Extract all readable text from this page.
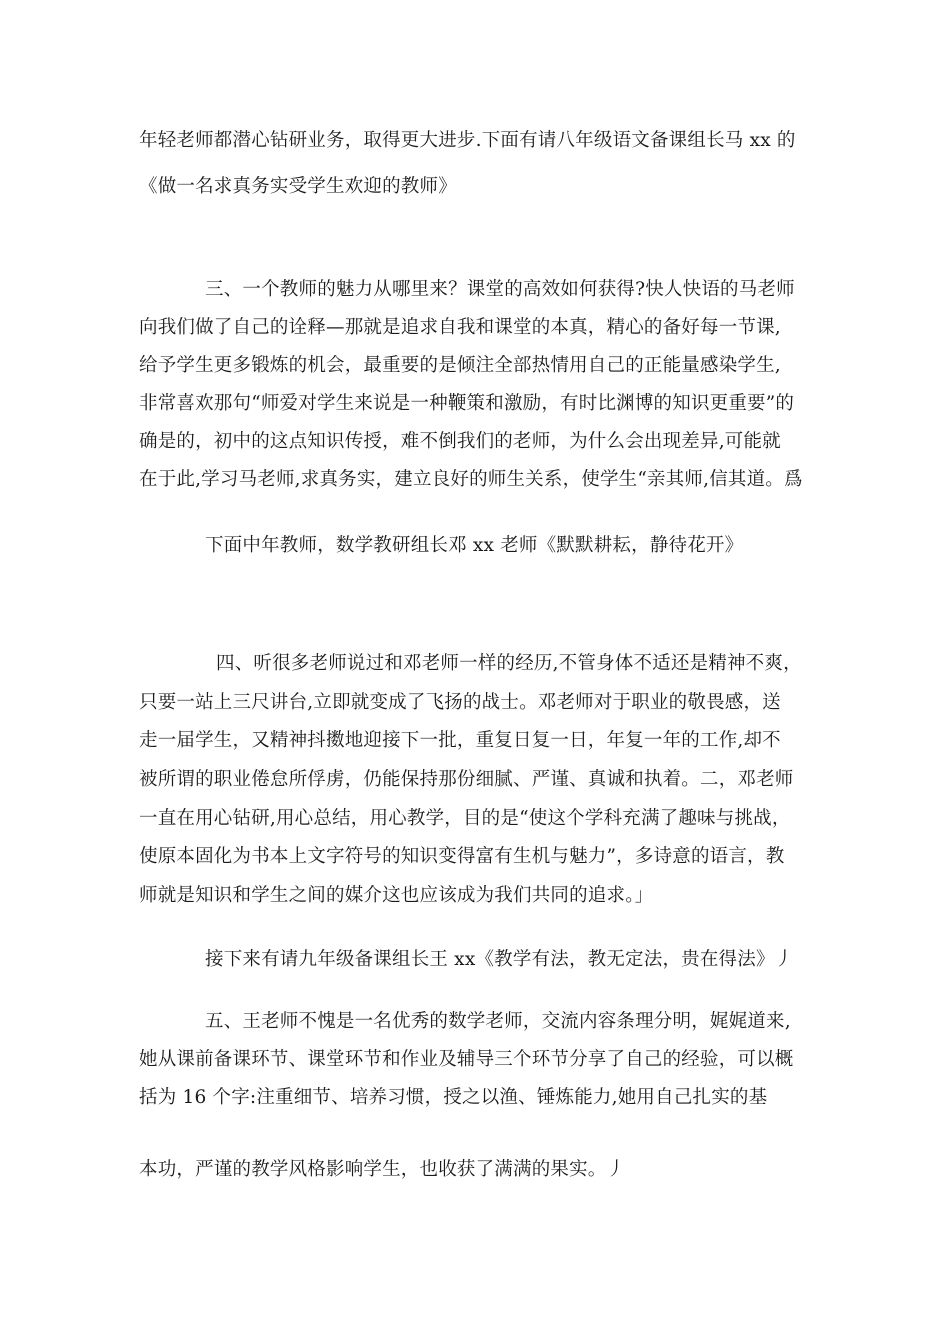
年轻老师都潜心钻研业务，取得更大进步.下面有请八年级语文备课组长马 xx 的
《做一名求真务实受学生欢迎的教师》
三、一个教师的魅力从哪里来？课堂的高效如何获得?快人快语的马老师
向我们做了自己的诠释—那就是追求自我和课堂的本真，精心的备好每一节课,
给予学生更多锻炼的机会，最重要的是倾注全部热情用自己的正能量感染学生,
非常喜欢那句“师爱对学生来说是一种鞭策和激励，有时比渊博的知识更重要”的
确是的，初中的这点知识传授，难不倒我们的老师，为什么会出现差异,可能就
在于此,学习马老师,求真务实，建立良好的师生关系，使学生“亲其师,信其道。爲
下面中年教师，数学教研组长邓 xx 老师《默默耕耘，静待花开》
四、听很多老师说过和邓老师一样的经历,不管身体不适还是精神不爽，
只要一站上三尺讲台,立即就变成了飞扬的战士。邓老师对于职业的敬畏感，送
走一届学生，又精神抖擞地迎接下一批，重复日复一日，年复一年的工作,却不
被所谓的职业倦怠所俘虏，仍能保持那份细腻、严谨、真诚和执着。二，邓老师
一直在用心钻研,用心总结，用心教学，目的是“使这个学科充满了趣味与挑战，
使原本固化为书本上文字符号的知识变得富有生机与魅力”，多诗意的语言，教
师就是知识和学生之间的媒介这也应该成为我们共同的追求。」
接下来有请九年级备课组长王 xx《教学有法，教无定法，贵在得法》丿
五、王老师不愧是一名优秀的数学老师，交流内容条理分明，娓娓道来,
她从课前备课环节、课堂环节和作业及辅导三个环节分享了自己的经验，可以概
括为 16 个字:注重细节、培养习惯，授之以渔、锤炼能力,她用自己扎实的基
本功，严谨的教学风格影响学生，也收获了满满的果实。丿
